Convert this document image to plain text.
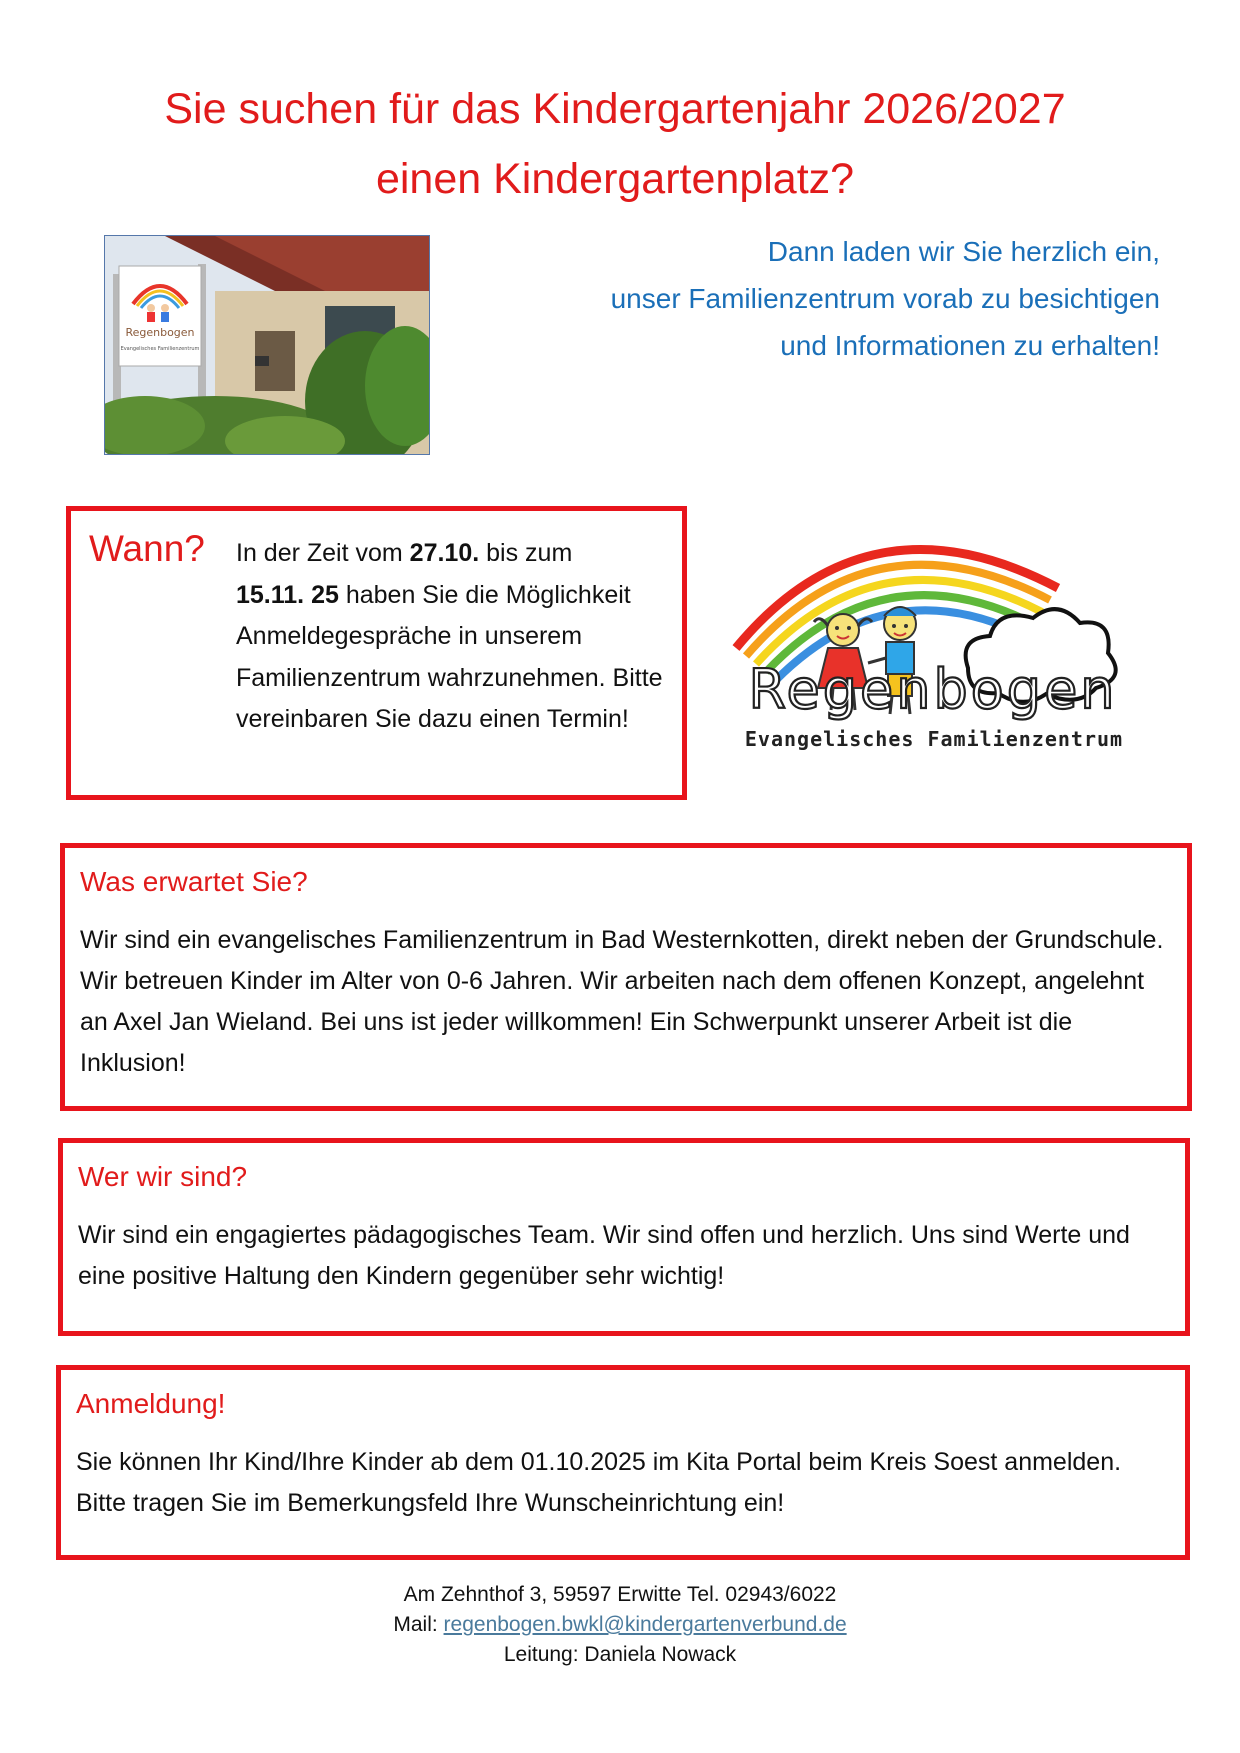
Sie suchen für das Kindergartenjahr 2026/2027
einen Kindergartenplatz?
Regenbogen
Evangelisches Familienzentrum
Dann laden wir Sie herzlich ein,
unser Familienzentrum vorab zu besichtigen
und Informationen zu erhalten!
Wann? In der Zeit vom 27.10. bis zum
15.11. 25 haben Sie die Möglichkeit Anmeldegespräche in unserem Familienzentrum wahrzunehmen. Bitte vereinbaren Sie dazu einen Termin!	Regenbogen
Evangelisches Familienzentrum
Was erwartet Sie?
Wir sind ein evangelisches Familienzentrum in Bad Westernkotten, direkt neben der Grundschule. Wir betreuen Kinder im Alter von 0-6 Jahren. Wir arbeiten nach dem offenen Konzept, angelehnt an Axel Jan Wieland. Bei uns ist jeder willkommen! Ein Schwerpunkt unserer Arbeit ist die Inklusion!
Wer wir sind?
Wir sind ein engagiertes pädagogisches Team. Wir sind offen und herzlich. Uns sind Werte und eine positive Haltung den Kindern gegenüber sehr wichtig!
Anmeldung!
Sie können Ihr Kind/Ihre Kinder ab dem 01.10.2025 im Kita Portal beim Kreis Soest anmelden. Bitte tragen Sie im Bemerkungsfeld Ihre Wunscheinrichtung ein!
Am Zehnthof 3, 59597 Erwitte Tel. 02943/6022
Mail: regenbogen.bwkl@kindergartenverbund.de
Leitung: Daniela Nowack
